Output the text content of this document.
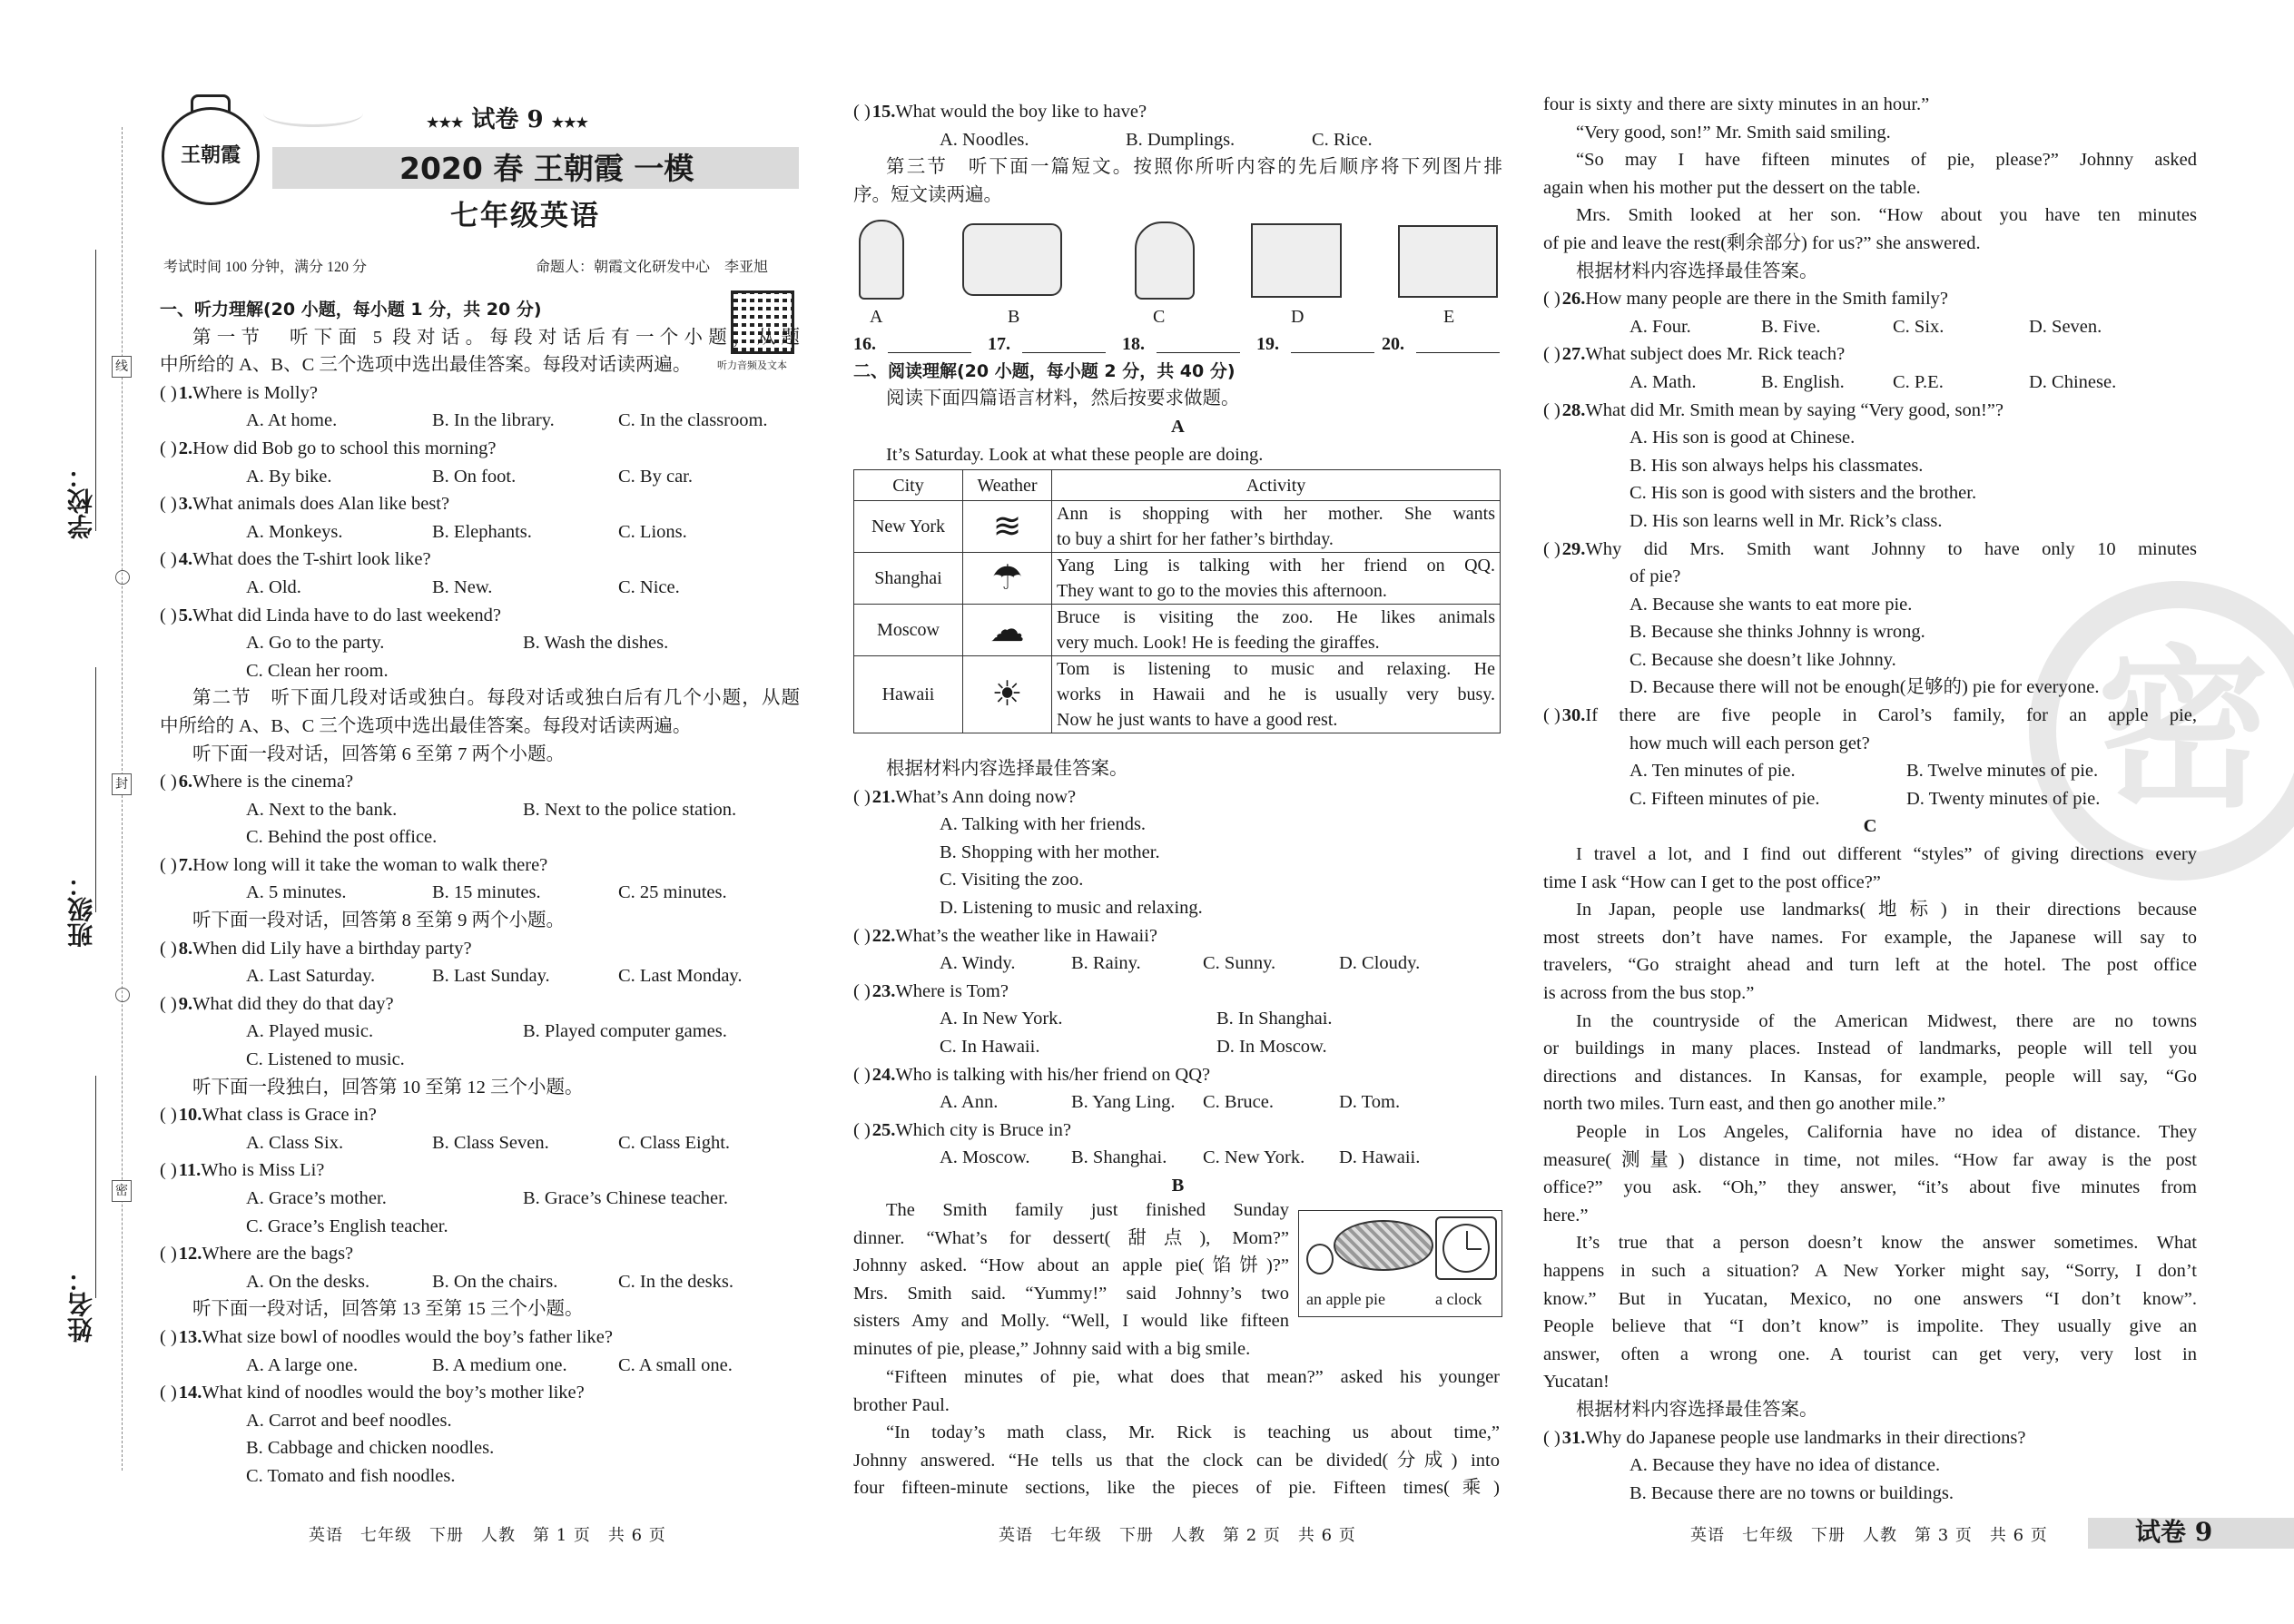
密
学校：
班级：
姓名：
线
封
密
王朝霞
★★★ 试卷 9 ★★★
2020 春 王朝霞 一模
七年级英语
考试时间 100 分钟，满分 120 分	命题人：朝霞文化研发中心　李亚旭
听力音频及文本
一、听力理解(20 小题，每小题 1 分，共 20 分)
第一节　听下面 5 段对话。每段对话后有一个小题，从题
中所给的 A、B、C 三个选项中选出最佳答案。每段对话读两遍。
( )1.Where is Molly?
A. At home.	B. In the library.	C. In the classroom.
( )2.How did Bob go to school this morning?
A. By bike.	B. On foot.	C. By car.
( )3.What animals does Alan like best?
A. Monkeys.	B. Elephants.	C. Lions.
( )4.What does the T-shirt look like?
A. Old.	B. New.	C. Nice.
( )5.What did Linda have to do last weekend?
A. Go to the party.	B. Wash the dishes.
C. Clean her room.
第二节　听下面几段对话或独白。每段对话或独白后有几个小题，从题
中所给的 A、B、C 三个选项中选出最佳答案。每段对话读两遍。
听下面一段对话，回答第 6 至第 7 两个小题。
( )6.Where is the cinema?
A. Next to the bank.	B. Next to the police station.
C. Behind the post office.
( )7.How long will it take the woman to walk there?
A. 5 minutes.	B. 15 minutes.	C. 25 minutes.
听下面一段对话，回答第 8 至第 9 两个小题。
( )8.When did Lily have a birthday party?
A. Last Saturday.	B. Last Sunday.	C. Last Monday.
( )9.What did they do that day?
A. Played music.	B. Played computer games.
C. Listened to music.
听下面一段独白，回答第 10 至第 12 三个小题。
( )10.What class is Grace in?
A. Class Six.	B. Class Seven.	C. Class Eight.
( )11.Who is Miss Li?
A. Grace’s mother.	B. Grace’s Chinese teacher.
C. Grace’s English teacher.
( )12.Where are the bags?
A. On the desks.	B. On the chairs.	C. In the desks.
听下面一段对话，回答第 13 至第 15 三个小题。
( )13.What size bowl of noodles would the boy’s father like?
A. A large one.	B. A medium one.	C. A small one.
( )14.What kind of noodles would the boy’s mother like?
A. Carrot and beef noodles.
B. Cabbage and chicken noodles.
C. Tomato and fish noodles.
( )15.What would the boy like to have?
A. Noodles.	B. Dumplings.	C. Rice.
第三节　听下面一篇短文。按照你所听内容的先后顺序将下列图片排
序。短文读两遍。
A	B	C	D	E
16.	17.	18.	19.	20.
二、阅读理解(20 小题，每小题 2 分，共 40 分)
阅读下面四篇语言材料，然后按要求做题。
A
It’s Saturday. Look at what these people are doing.
City	Weather	Activity
New York	≋	Ann is shopping with her mother. She wants
to buy a shirt for her father’s birthday.

Shanghai	☂	Yang Ling is talking with her friend on QQ.
They want to go to the movies this afternoon.

Moscow	☁	Bruce is visiting the zoo. He likes animals
very much. Look! He is feeding the giraffes.

Hawaii	☀	Tom is listening to music and relaxing. He
works in Hawaii and he is usually very busy.
Now he just wants to have a good rest.
根据材料内容选择最佳答案。
( )21.What’s Ann doing now?
A. Talking with her friends.
B. Shopping with her mother.
C. Visiting the zoo.
D. Listening to music and relaxing.
( )22.What’s the weather like in Hawaii?
A. Windy.	B. Rainy.	C. Sunny.	D. Cloudy.
( )23.Where is Tom?
A. In New York.	B. In Shanghai.
C. In Hawaii.	D. In Moscow.
( )24.Who is talking with his/her friend on QQ?
A. Ann.	B. Yang Ling. C. Bruce.	D. Tom.
( )25.Which city is Bruce in?
A. Moscow. B. Shanghai. C. New York. D. Hawaii.
B
The Smith family just finished Sunday
dinner. “What’s for dessert(甜点), Mom?”
Johnny asked. “How about an apple pie(馅饼)?”
Mrs. Smith said. “Yummy!” said Johnny’s two
sisters Amy and Molly. “Well, I would like fifteen
minutes of pie, please,” Johnny said with a big smile.
an apple pie	a clock
“Fifteen minutes of pie, what does that mean?” asked his younger
brother Paul.
“In today’s math class, Mr. Rick is teaching us about time,”
Johnny answered. “He tells us that the clock can be divided(分成) into
four fifteen-minute sections, like the pieces of pie. Fifteen times(乘)
four is sixty and there are sixty minutes in an hour.”
“Very good, son!” Mr. Smith said smiling.
“So may I have fifteen minutes of pie, please?” Johnny asked
again when his mother put the dessert on the table.
Mrs. Smith looked at her son. “How about you have ten minutes
of pie and leave the rest(剩余部分) for us?” she answered.
根据材料内容选择最佳答案。
( )26.How many people are there in the Smith family?
A. Four.	B. Five.	C. Six.	D. Seven.
( )27.What subject does Mr. Rick teach?
A. Math.	B. English.	C. P.E.	D. Chinese.
( )28.What did Mr. Smith mean by saying “Very good, son!”?
A. His son is good at Chinese.
B. His son always helps his classmates.
C. His son is good with sisters and the brother.
D. His son learns well in Mr. Rick’s class.
( ) 29. Why did Mrs. Smith want Johnny to have only 10 minutes
of pie?
A. Because she wants to eat more pie.
B. Because she thinks Johnny is wrong.
C. Because she doesn’t like Johnny.
D. Because there will not be enough(足够的) pie for everyone.
( ) 30. If there are five people in Carol’s family, for an apple pie,
how much will each person get?
A. Ten minutes of pie.	B. Twelve minutes of pie.
C. Fifteen minutes of pie.	D. Twenty minutes of pie.
C
I travel a lot, and I find out different “styles” of giving directions every
time I ask “How can I get to the post office?”
In Japan, people use landmarks(地标) in their directions because
most streets don’t have names. For example, the Japanese will say to
travelers, “Go straight ahead and turn left at the hotel. The post office
is across from the bus stop.”
In the countryside of the American Midwest, there are no towns
or buildings in many places. Instead of landmarks, people will tell you
directions and distances. In Kansas, for example, people will say, “Go
north two miles. Turn east, and then go another mile.”
People in Los Angeles, California have no idea of distance. They
measure(测量) distance in time, not miles. “How far away is the post
office?” you ask. “Oh,” they answer, “it’s about five minutes from
here.”
It’s true that a person doesn’t know the answer sometimes. What
happens in such a situation? A New Yorker might say, “Sorry, I don’t
know.” But in Yucatan, Mexico, no one answers “I don’t know”.
People believe that “I don’t know” is impolite. They usually give an
answer, often a wrong one. A tourist can get very, very lost in
Yucatan!
根据材料内容选择最佳答案。
( )31.Why do Japanese people use landmarks in their directions?
A. Because they have no idea of distance.
B. Because there are no towns or buildings.
英语　七年级　下册　人教　第 1 页　共 6 页	英语　七年级　下册　人教　第 2 页　共 6 页	英语　七年级　下册　人教　第 3 页　共 6 页	试卷 9
